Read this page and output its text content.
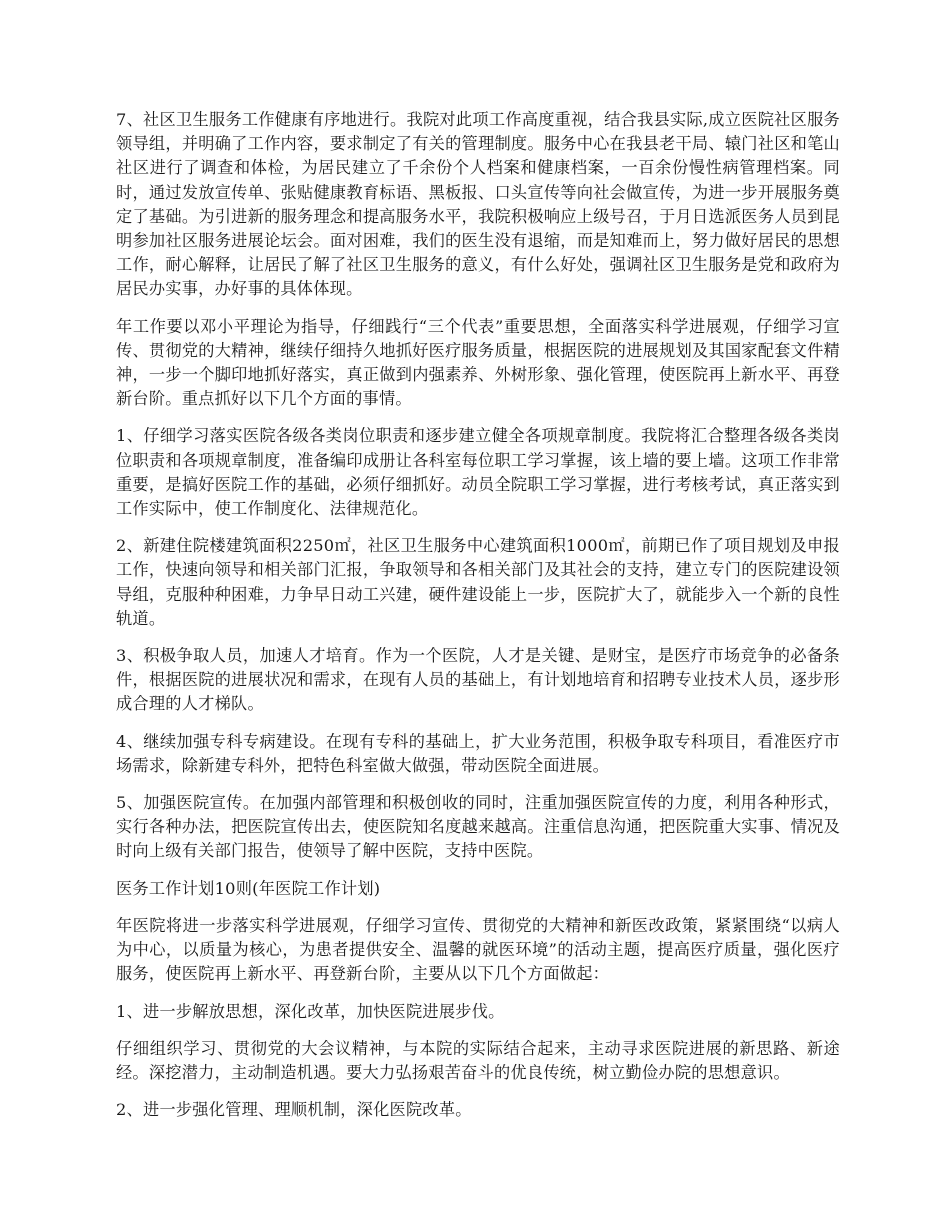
7、社区卫生服务工作健康有序地进行。我院对此项工作高度重视，结合我县实际,成立医院社区服务领导组，并明确了工作内容，要求制定了有关的管理制度。服务中心在我县老干局、辕门社区和笔山社区进行了调查和体检，为居民建立了千余份个人档案和健康档案，一百余份慢性病管理档案。同时，通过发放宣传单、张贴健康教育标语、黑板报、口头宣传等向社会做宣传，为进一步开展服务奠定了基础。为引进新的服务理念和提高服务水平，我院积极响应上级号召，于月日选派医务人员到昆明参加社区服务进展论坛会。面对困难，我们的医生没有退缩，而是知难而上，努力做好居民的思想工作，耐心解释，让居民了解了社区卫生服务的意义，有什么好处，强调社区卫生服务是党和政府为居民办实事，办好事的具体体现。

年工作要以邓小平理论为指导，仔细践行“三个代表”重要思想，全面落实科学进展观，仔细学习宣传、贯彻党的大精神，继续仔细持久地抓好医疗服务质量，根据医院的进展规划及其国家配套文件精神，一步一个脚印地抓好落实，真正做到内强素养、外树形象、强化管理，使医院再上新水平、再登新台阶。重点抓好以下几个方面的事情。

1、仔细学习落实医院各级各类岗位职责和逐步建立健全各项规章制度。我院将汇合整理各级各类岗位职责和各项规章制度，准备编印成册让各科室每位职工学习掌握，该上墙的要上墙。这项工作非常重要，是搞好医院工作的基础，必须仔细抓好。动员全院职工学习掌握，进行考核考试，真正落实到工作实际中，使工作制度化、法律规范化。

2、新建住院楼建筑面积2250㎡，社区卫生服务中心建筑面积1000㎡，前期已作了项目规划及申报工作，快速向领导和相关部门汇报，争取领导和各相关部门及其社会的支持，建立专门的医院建设领导组，克服种种困难，力争早日动工兴建，硬件建设能上一步，医院扩大了，就能步入一个新的良性轨道。

3、积极争取人员，加速人才培育。作为一个医院，人才是关键、是财宝，是医疗市场竞争的必备条件，根据医院的进展状况和需求，在现有人员的基础上，有计划地培育和招聘专业技术人员，逐步形成合理的人才梯队。

4、继续加强专科专病建设。在现有专科的基础上，扩大业务范围，积极争取专科项目，看准医疗市场需求，除新建专科外，把特色科室做大做强，带动医院全面进展。

5、加强医院宣传。在加强内部管理和积极创收的同时，注重加强医院宣传的力度，利用各种形式，实行各种办法，把医院宣传出去，使医院知名度越来越高。注重信息沟通，把医院重大实事、情况及时向上级有关部门报告，使领导了解中医院，支持中医院。

医务工作计划10则(年医院工作计划)

年医院将进一步落实科学进展观，仔细学习宣传、贯彻党的大精神和新医改政策，紧紧围绕“以病人为中心，以质量为核心，为患者提供安全、温馨的就医环境”的活动主题，提高医疗质量，强化医疗服务，使医院再上新水平、再登新台阶，主要从以下几个方面做起：

1、进一步解放思想，深化改革，加快医院进展步伐。

仔细组织学习、贯彻党的大会议精神，与本院的实际结合起来，主动寻求医院进展的新思路、新途经。深挖潜力，主动制造机遇。要大力弘扬艰苦奋斗的优良传统，树立勤俭办院的思想意识。

2、进一步强化管理、理顺机制，深化医院改革。
